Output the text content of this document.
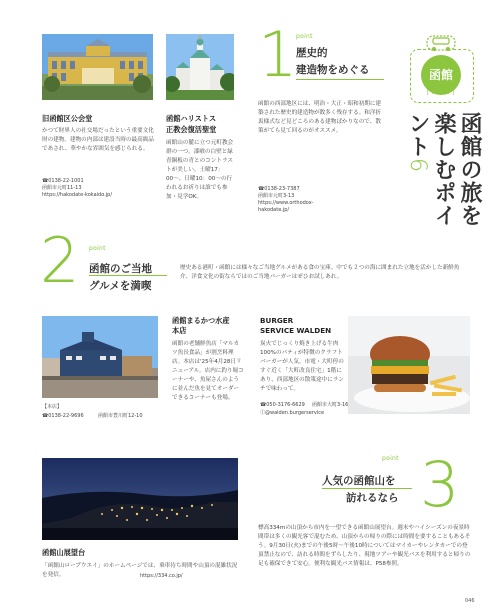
1
point
歴史的
建造物をめぐる
函館の西部地区には、明治・大正・昭和初期に建築された歴史的建造物が数多く残存する。和洋折衷様式など見どころのある建物ばかりなので、散策がてら見て回るのがオススメ。
函館
[ AREA ]
函館の旅を楽しむポイント6
旧函館区公会堂
かつて財界人の社交場だったという重要文化財の建物。建物の内部は建設当時の最高級品であされ、華やかな雰囲気を感じられる。
☎0138-22-1001
函館市元町11-13
https://hakodate-kokaido.jp/
函館ハリストス
正教会復活聖堂
函館山の麓に立つ元町教会群の一つ。漆喰の白壁と緑青銅板の青とのコントラストが美しい。土曜17：00〜、日曜10：00〜の行われるお祈りは誰でも参加・見学OK。
☎0138-23-7387
函館市元町3-13
https://www.orthodox-hakodate.jp/
2 point
函館のご当地
グルメを満喫
歴史ある港町・函館には様々なご当地グルメがある食の宝庫。中でも２つの海に囲まれた立地を活かした新鮮魚介、洋食文化の街ならではのご当地バーガーはぜひお試しあれ。
函館まるかつ水産
本店
函館の老舗鮮魚店「マルカツ魚長食品」が割烹料理店。本店は'25年4月28日リニューアル。店内に釣り堀コーナーや、魚屋さんのように並んだ魚を見てオーダーできるコーナーも登場。
【本店】
☎0138-22-9696	函館市豊川町12-10
BURGER
SERVICE WALDEN
炭火でじっくり焼き上げる牛肉100%のパティが特徴のクラフトバーガーが人気。市電・大町停のすぐ近く「大町改良住宅」1階にあり、西部地区の散策途中にランチで味わって。
☎050-3176-6629 函館市大町3-16
Ⓘ@walden.burgerservice
point
人気の函館山を
訪れるなら 3
標高334mの山頂から市内を一望できる函館山展望台。週末やハイシーズンの夜景時間帯は多くの観光客で混むため、山頂からの帰りの際には時間を要することもあるそう。9月30日(火)までの午後5時〜午後10時についてはマイカーやレンタカーでの登頂禁止なので、訪れる時間をずらしたり、現地ツアーや観光バスを利用すると帰りの足も確保できて安心。便利な観光バス情報は、P58参照。
函館山展望台
「函館山ロープウエイ」のホームページでは、乗車待ち時間や山頂の混雑状況を発信。	https://334.co.jp/
046
